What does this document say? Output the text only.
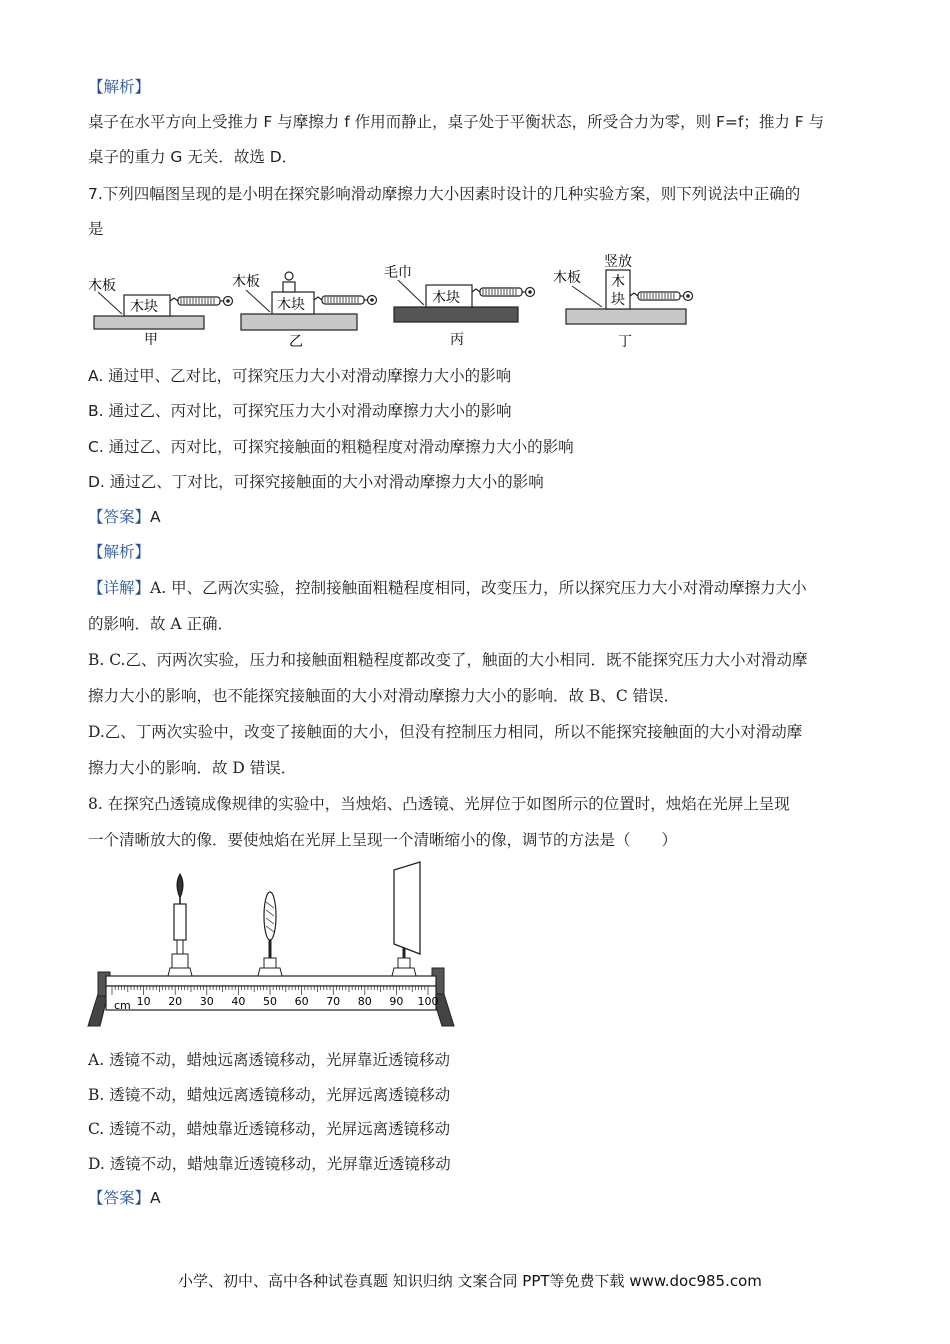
【解析】
桌子在水平方向上受推力 F 与摩擦力 f 作用而静止，桌子处于平衡状态，所受合力为零，则 F=f；推力 F 与
桌子的重力 G 无关．故选 D．
7.下列四幅图呈现的是小明在探究影响滑动摩擦力大小因素时设计的几种实验方案，则下列说法中正确的
是
木板
木块
甲
木板
木块
乙
毛巾
木块
丙
木板
竖放
木
块
丁
A. 通过甲、乙对比，可探究压力大小对滑动摩擦力大小的影响
B. 通过乙、丙对比，可探究压力大小对滑动摩擦力大小的影响
C. 通过乙、丙对比，可探究接触面的粗糙程度对滑动摩擦力大小的影响
D. 通过乙、丁对比，可探究接触面的大小对滑动摩擦力大小的影响
【答案】A
【解析】
【详解】A. 甲、乙两次实验，控制接触面粗糙程度相同，改变压力，所以探究压力大小对滑动摩擦力大小
的影响．故 A 正确．
B. C.乙、丙两次实验，压力和接触面粗糙程度都改变了，触面的大小相同．既不能探究压力大小对滑动摩
擦力大小的影响，也不能探究接触面的大小对滑动摩擦力大小的影响．故 B、C 错误．
D.乙、丁两次实验中，改变了接触面的大小，但没有控制压力相同，所以不能探究接触面的大小对滑动摩
擦力大小的影响．故 D 错误．
8. 在探究凸透镜成像规律的实验中，当烛焰、凸透镜、光屏位于如图所示的位置时，烛焰在光屏上呈现
一个清晰放大的像．要使烛焰在光屏上呈现一个清晰缩小的像，调节的方法是（　　）
cm 10 20 30 40 50 60 70 80 90 100
A. 透镜不动，蜡烛远离透镜移动，光屏靠近透镜移动
B. 透镜不动，蜡烛远离透镜移动，光屏远离透镜移动
C. 透镜不动，蜡烛靠近透镜移动，光屏远离透镜移动
D. 透镜不动，蜡烛靠近透镜移动，光屏靠近透镜移动
【答案】A
小学、初中、高中各种试卷真题 知识归纳 文案合同 PPT等免费下载 www.doc985.com
